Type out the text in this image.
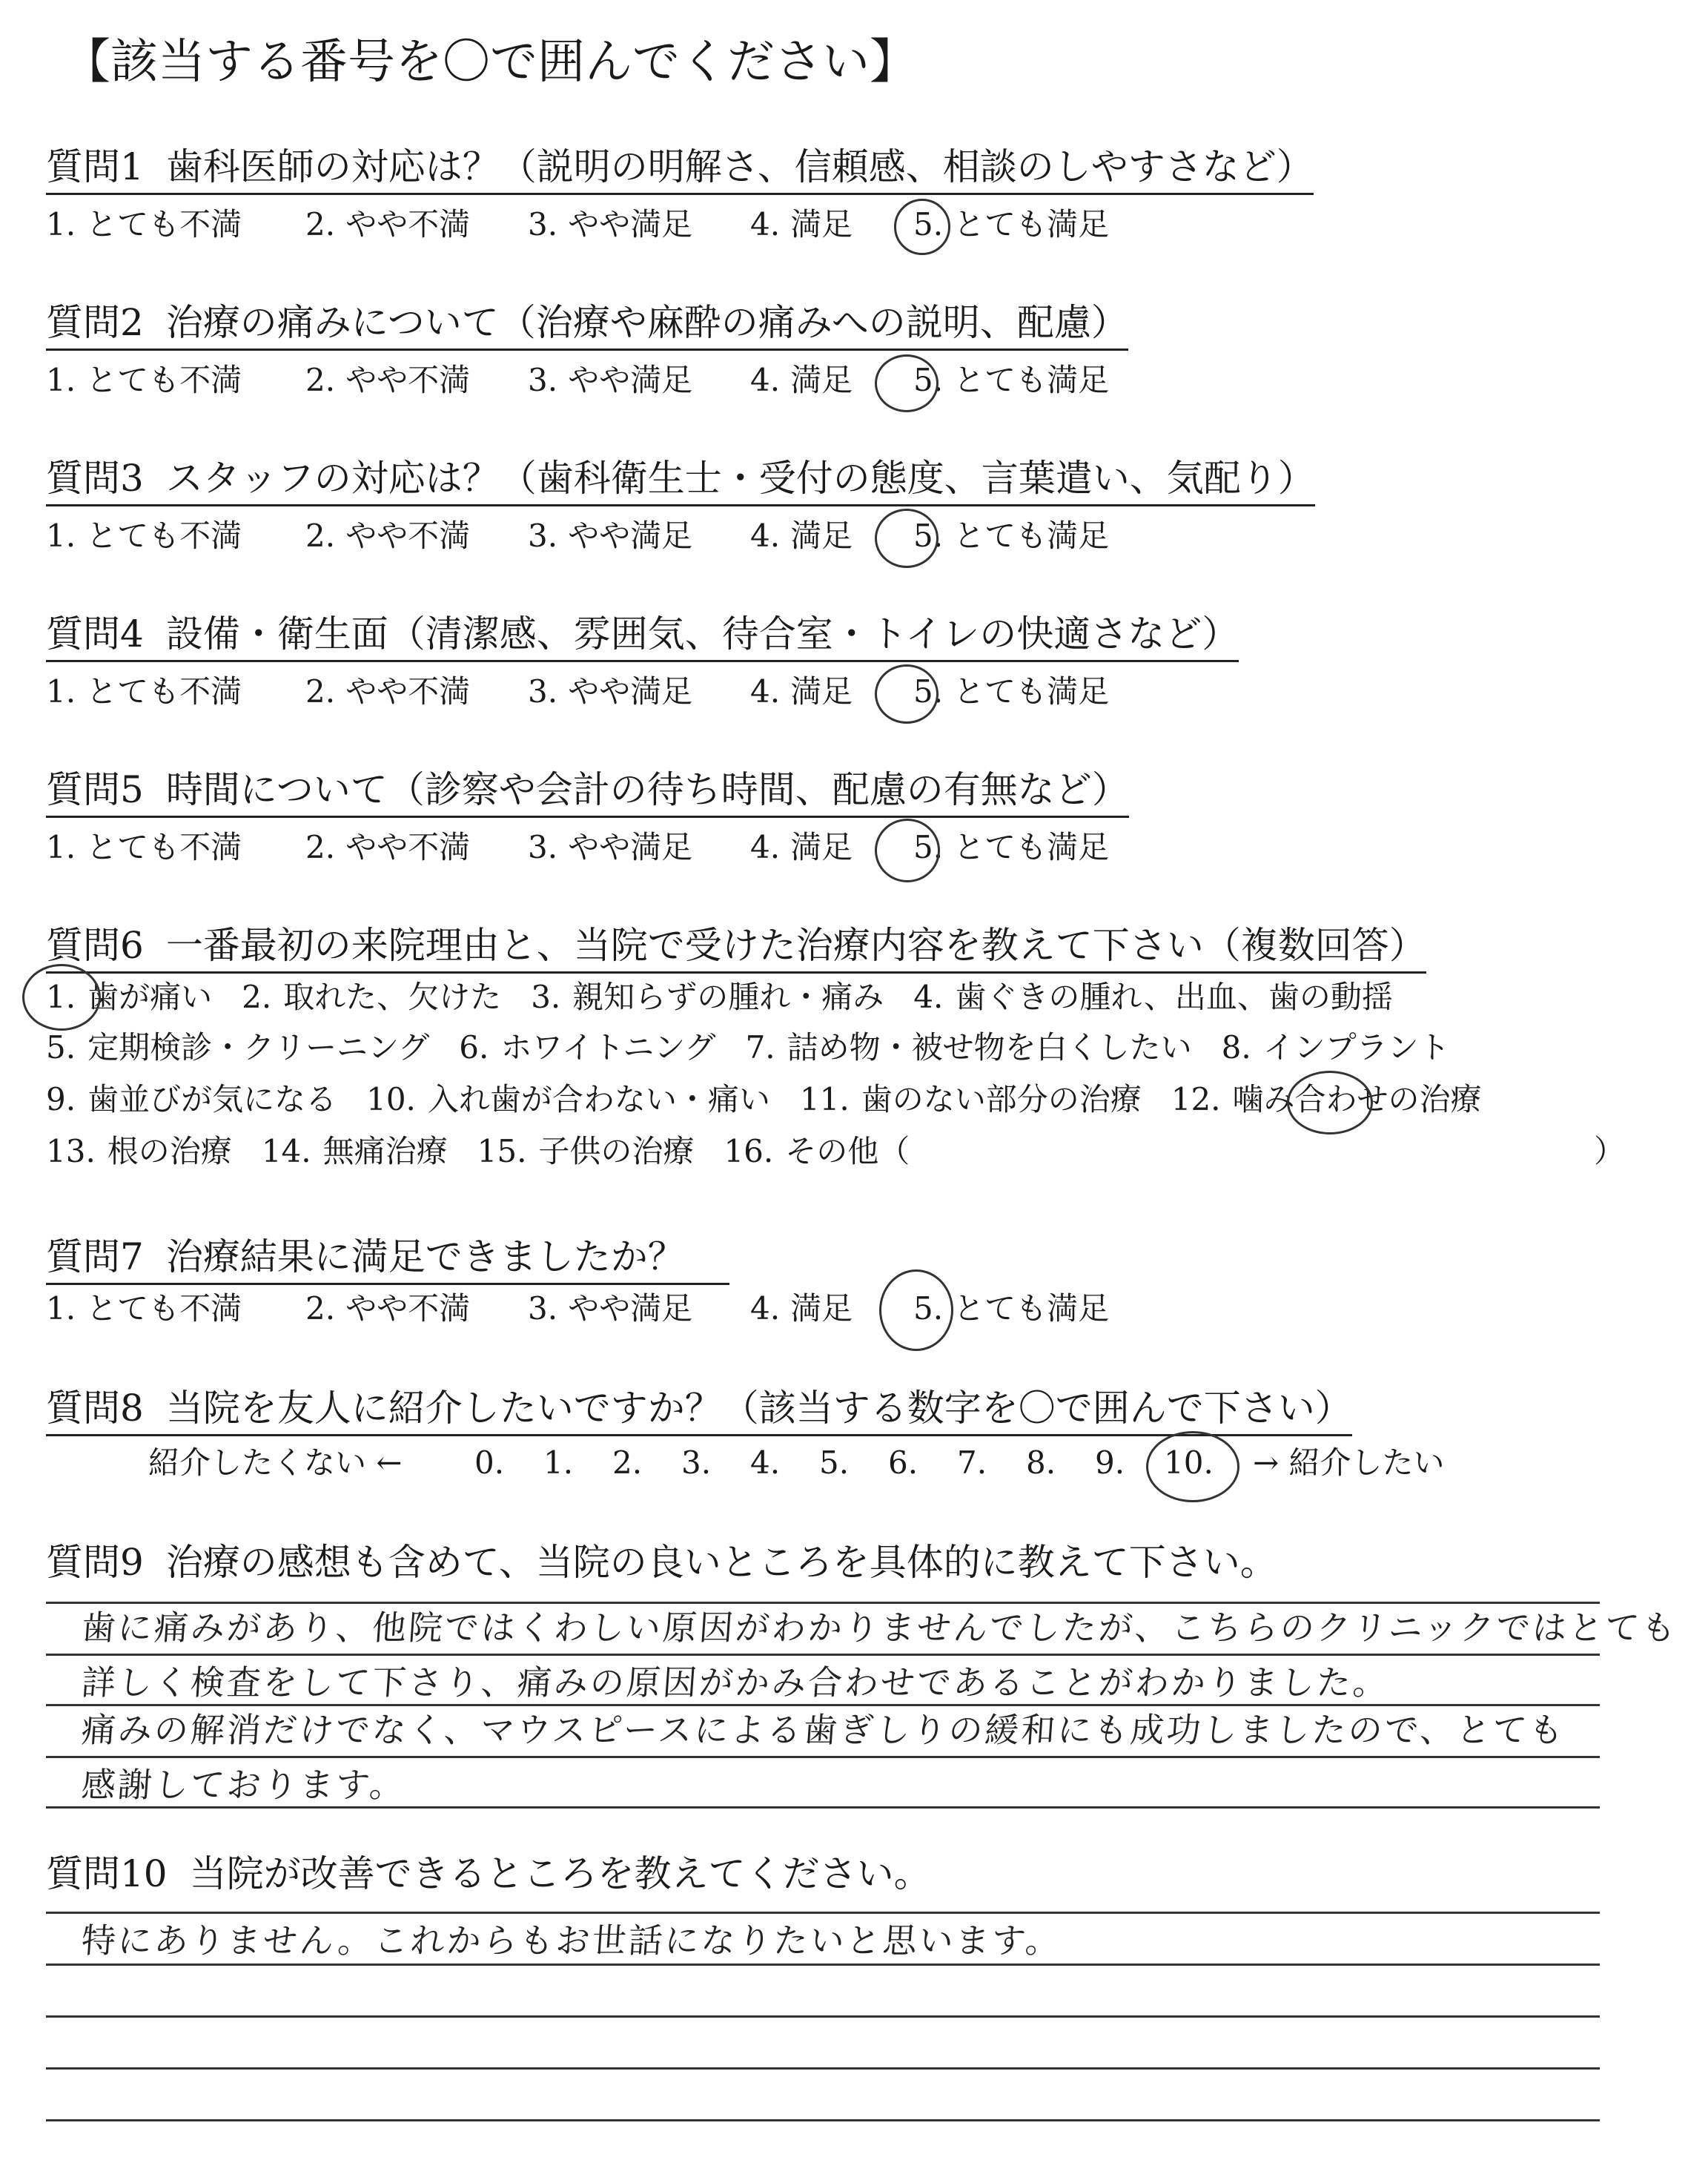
【該当する番号を〇で囲んでください】
質問1 歯科医師の対応は？（説明の明解さ、信頼感、相談のしやすさなど）
1. とても不満 2. やや不満 3. やや満足 4. 満足 5. とても満足
質問2 治療の痛みについて（治療や麻酔の痛みへの説明、配慮）
1. とても不満 2. やや不満 3. やや満足 4. 満足 5. とても満足
質問3 スタッフの対応は？（歯科衛生士・受付の態度、言葉遣い、気配り）
1. とても不満 2. やや不満 3. やや満足 4. 満足 5. とても満足
質問4 設備・衛生面（清潔感、雰囲気、待合室・トイレの快適さなど）
1. とても不満 2. やや不満 3. やや満足 4. 満足 5. とても満足
質問5 時間について（診察や会計の待ち時間、配慮の有無など）
1. とても不満 2. やや不満 3. やや満足 4. 満足 5. とても満足
質問6 一番最初の来院理由と、当院で受けた治療内容を教えて下さい（複数回答）
1. 歯が痛い 2. 取れた、欠けた 3. 親知らずの腫れ・痛み 4. 歯ぐきの腫れ、出血、歯の動揺
5. 定期検診・クリーニング 6. ホワイトニング 7. 詰め物・被せ物を白くしたい 8. インプラント
9. 歯並びが気になる 10. 入れ歯が合わない・痛い 11. 歯のない部分の治療 12. 噛み合わせの治療
13. 根の治療 14. 無痛治療 15. 子供の治療 16. その他（	）
質問7 治療結果に満足できましたか？
1. とても不満 2. やや不満 3. やや満足 4. 満足 5. とても満足
質問8 当院を友人に紹介したいですか？（該当する数字を〇で囲んで下さい）
紹介したくない ← 0. 1. 2. 3. 4. 5. 6. 7. 8. 9. 10. → 紹介したい
質問9 治療の感想も含めて、当院の良いところを具体的に教えて下さい。
歯に痛みがあり、他院ではくわしい原因がわかりませんでしたが、こちらのクリニックではとても
詳しく検査をして下さり、痛みの原因がかみ合わせであることがわかりました。
痛みの解消だけでなく、マウスピースによる歯ぎしりの緩和にも成功しましたので、とても
感謝しております。
質問10 当院が改善できるところを教えてください。
特にありません。これからもお世話になりたいと思います。
